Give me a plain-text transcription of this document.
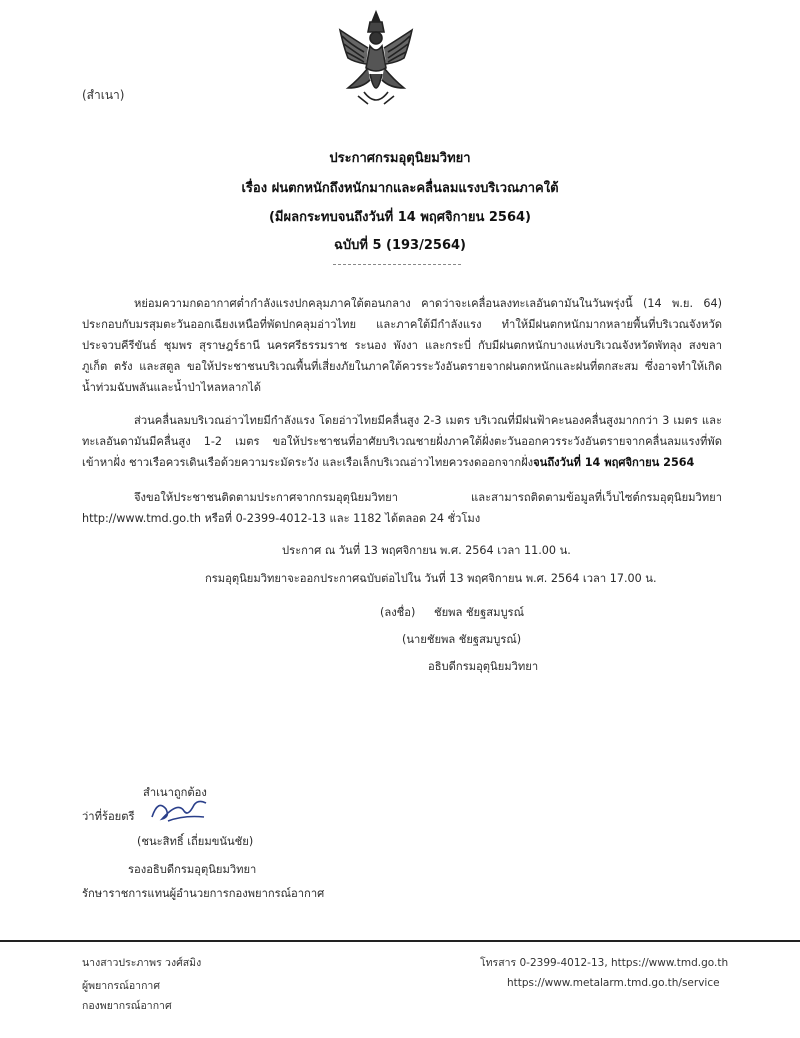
(สำเนา)
ประกาศกรมอุตุนิยมวิทยา
เรื่อง ฝนตกหนักถึงหนักมากและคลื่นลมแรงบริเวณภาคใต้
(มีผลกระทบจนถึงวันที่ 14 พฤศจิกายน 2564)
ฉบับที่ 5 (193/2564)
หย่อมความกดอากาศต่ำกำลังแรงปกคลุมภาคใต้ตอนกลาง คาดว่าจะเคลื่อนลงทะเลอันดามันในวันพรุ่งนี้ (14 พ.ย. 64) ประกอบกับมรสุมตะวันออกเฉียงเหนือที่พัดปกคลุมอ่าวไทย และภาคใต้มีกำลังแรง ทำให้มีฝนตกหนักมากหลายพื้นที่บริเวณจังหวัดประจวบคีรีขันธ์ ชุมพร สุราษฎร์ธานี นครศรีธรรมราช ระนอง พังงา และกระบี่ กับมีฝนตกหนักบางแห่งบริเวณจังหวัดพัทลุง สงขลา ภูเก็ต ตรัง และสตูล ขอให้ประชาชนบริเวณพื้นที่เสี่ยงภัยในภาคใต้ควรระวังอันตรายจากฝนตกหนักและฝนที่ตกสะสม ซึ่งอาจทำให้เกิดน้ำท่วมฉับพลันและน้ำป่าไหลหลากได้
ส่วนคลื่นลมบริเวณอ่าวไทยมีกำลังแรง โดยอ่าวไทยมีคลื่นสูง 2-3 เมตร บริเวณที่มีฝนฟ้าคะนองคลื่นสูงมากกว่า 3 เมตร และทะเลอันดามันมีคลื่นสูง 1-2 เมตร ขอให้ประชาชนที่อาศัยบริเวณชายฝั่งภาคใต้ฝั่งตะวันออกควรระวังอันตรายจากคลื่นลมแรงที่พัดเข้าหาฝั่ง ชาวเรือควรเดินเรือด้วยความระมัดระวัง และเรือเล็กบริเวณอ่าวไทยควรงดออกจากฝั่งจนถึงวันที่ 14 พฤศจิกายน 2564
จึงขอให้ประชาชนติดตามประกาศจากกรมอุตุนิยมวิทยา และสามารถติดตามข้อมูลที่เว็บไซต์กรมอุตุนิยมวิทยา http://www.tmd.go.th หรือที่ 0-2399-4012-13 และ 1182 ได้ตลอด 24 ชั่วโมง
ประกาศ ณ วันที่ 13 พฤศจิกายน พ.ศ. 2564 เวลา 11.00 น.
กรมอุตุนิยมวิทยาจะออกประกาศฉบับต่อไปใน วันที่ 13 พฤศจิกายน พ.ศ. 2564 เวลา 17.00 น.
(ลงชื่อ) ชัยพล ชัยฐสมบูรณ์
(นายชัยพล ชัยฐสมบูรณ์)
อธิบดีกรมอุตุนิยมวิทยา
สำเนาถูกต้อง
ว่าที่ร้อยตรี
(ชนะสิทธิ์ เถี่ยมขนันชัย)
รองอธิบดีกรมอุตุนิยมวิทยา
รักษาราชการแทนผู้อำนวยการกองพยากรณ์อากาศ
นางสาวประภาพร วงศ์สมิง
ผู้พยากรณ์อากาศ
กองพยากรณ์อากาศ
โทรสาร 0-2399-4012-13, https://www.tmd.go.th
https://www.metalarm.tmd.go.th/service
